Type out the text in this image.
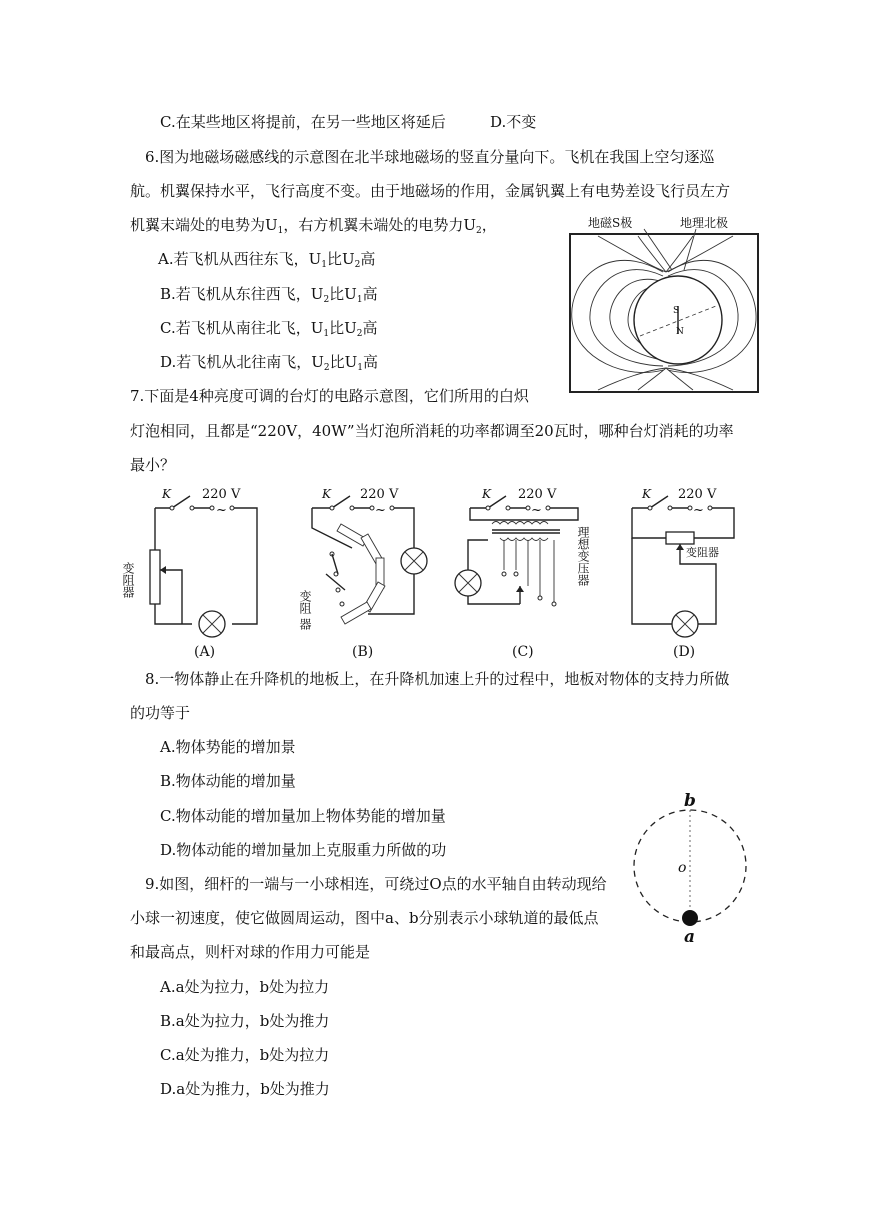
C.在某些地区将提前，在另一些地区将延后	D.不变
6.图为地磁场磁感线的示意图在北半球地磁场的竖直分量向下。飞机在我国上空匀逐巡
航。机翼保持水平，飞行高度不变。由于地磁场的作用，金属钒翼上有电势差设飞行员左方
机翼末端处的电势为$U_1$，右方机翼未端处的电势力$U_2$，
A.若飞机从西往东飞，$U_1$比$U_2$高
B.若飞机从东往西飞，$U_2$比$U_1$高
C.若飞机从南往北飞，$U_1$比$U_2$高
D.若飞机从北往南飞，$U_2$比$U_1$高
地磁S极	地理北极
S
N
7.下面是4种亮度可调的台灯的电路示意图，它们所用的白炽
灯泡相同，且都是“220V，40W”当灯泡所消耗的功率都调至20瓦时，哪种台灯消耗的功率
最小？
K 220 V
~
变阻器
(A)
K 220 V
~
变阻 器
(B)
K 220 V
~
理想变压器
(C)
K 220 V
~
变阻器
(D)
8.一物体静止在升降机的地板上，在升降机加速上升的过程中，地板对物体的支持力所做
的功等于
A.物体势能的增加景
B.物体动能的增加量
C.物体动能的增加量加上物体势能的增加量
D.物体动能的增加量加上克服重力所做的功
b
o
a
9.如图，细杆的一端与一小球相连，可绕过O点的水平轴自由转动现给
小球一初速度，使它做圆周运动，图中a、b分别表示小球轨道的最低点
和最高点，则杆对球的作用力可能是
A.a处为拉力，b处为拉力
B.a处为拉力，b处为推力
C.a处为推力，b处为拉力
D.a处为推力，b处为推力
